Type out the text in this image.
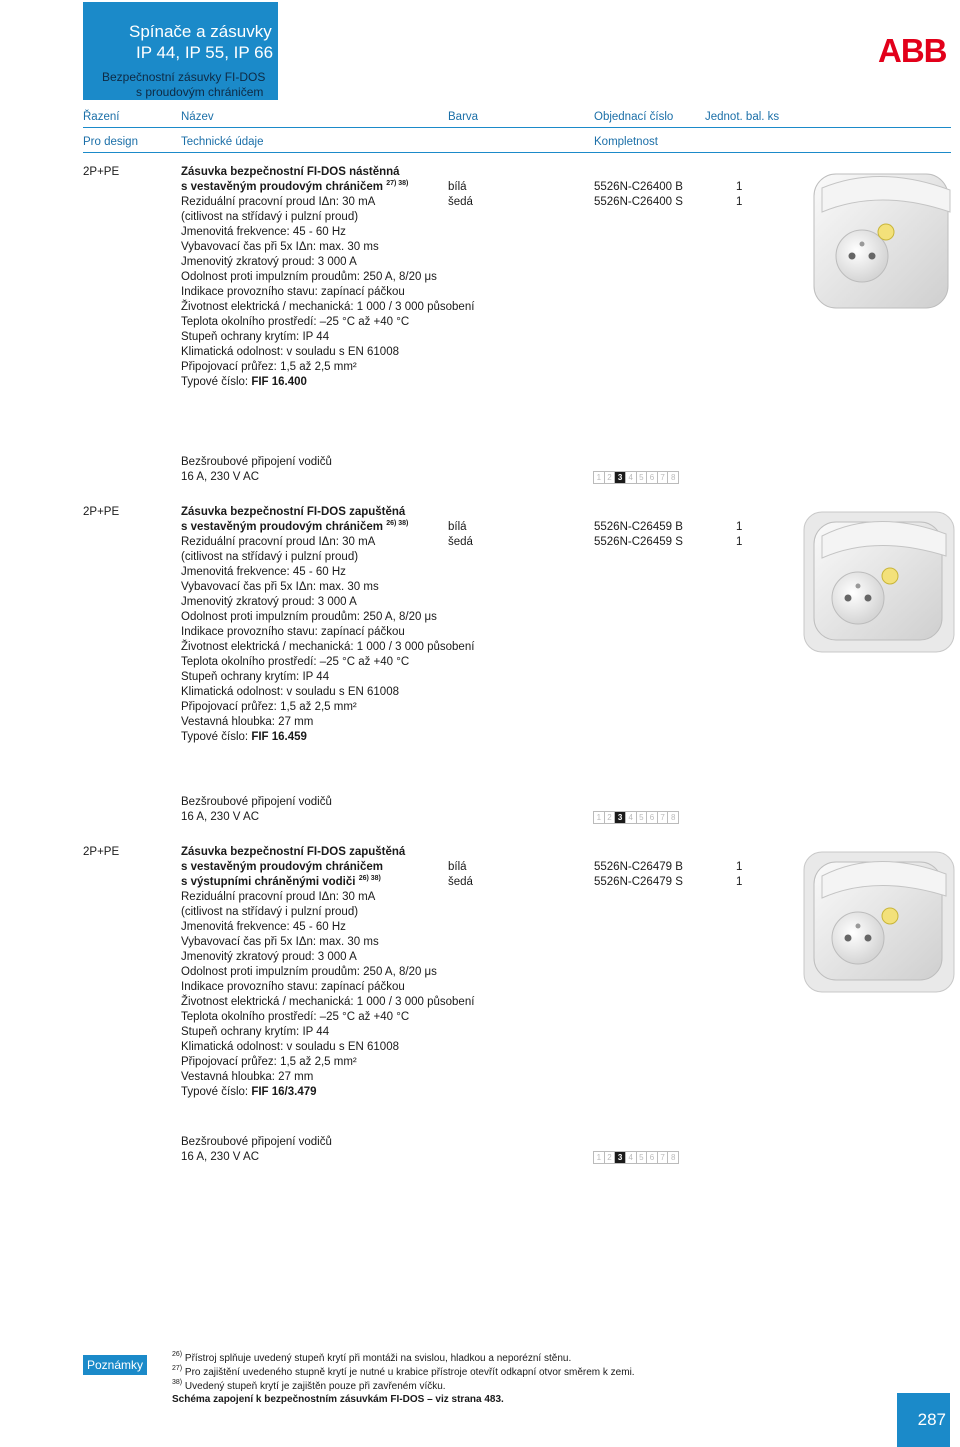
Spínače a zásuvky
IP 44, IP 55, IP 66
Bezpečnostní zásuvky FI-DOS
s proudovým chráničem
ABB
Řazení	Název	Barva	Objednací číslo	Jednot. bal. ks
Pro design	Technické údaje	Kompletnost
2P+PE	Zásuvka bezpečnostní FI-DOS nástěnná
s vestavěným proudovým chráničem $^{27) 38)}$	bílá	5526N-C26400 B	1
šedá	5526N-C26400 S	1
Reziduální pracovní proud IΔn: 30 mA
(citlivost na střídavý i pulzní proud)
Jmenovitá frekvence: 45 - 60 Hz
Vybavovací čas při 5x IΔn: max. 30 ms
Jmenovitý zkratový proud: 3 000 A
Odolnost proti impulzním proudům: 250 A, 8/20 μs
Indikace provozního stavu: zapínací páčkou
Životnost elektrická / mechanická: 1 000 / 3 000 působení
Teplota okolního prostředí: –25 °C až +40 °C
Stupeň ochrany krytím: IP 44
Klimatická odolnost: v souladu s EN 61008
Připojovací průřez: 1,5 až 2,5 mm²
Typové číslo: FIF 16.400
Bezšroubové připojení vodičů
16 A, 230 V AC	1 2 3 4 5 6 7 8
2P+PE	Zásuvka bezpečnostní FI-DOS zapuštěná
s vestavěným proudovým chráničem $^{26) 38)}$	bílá	5526N-C26459 B	1
šedá	5526N-C26459 S	1
Reziduální pracovní proud IΔn: 30 mA
(citlivost na střídavý i pulzní proud)
Jmenovitá frekvence: 45 - 60 Hz
Vybavovací čas při 5x IΔn: max. 30 ms
Jmenovitý zkratový proud: 3 000 A
Odolnost proti impulzním proudům: 250 A, 8/20 μs
Indikace provozního stavu: zapínací páčkou
Životnost elektrická / mechanická: 1 000 / 3 000 působení
Teplota okolního prostředí: –25 °C až +40 °C
Stupeň ochrany krytím: IP 44
Klimatická odolnost: v souladu s EN 61008
Připojovací průřez: 1,5 až 2,5 mm²
Vestavná hloubka: 27 mm
Typové číslo: FIF 16.459
Bezšroubové připojení vodičů
16 A, 230 V AC	1 2 3 4 5 6 7 8
2P+PE	Zásuvka bezpečnostní FI-DOS zapuštěná
s vestavěným proudovým chráničem
s výstupními chráněnými vodiči $^{26) 38)}$
bílá	5526N-C26479 B	1
šedá	5526N-C26479 S	1
Reziduální pracovní proud IΔn: 30 mA
(citlivost na střídavý i pulzní proud)
Jmenovitá frekvence: 45 - 60 Hz
Vybavovací čas při 5x IΔn: max. 30 ms
Jmenovitý zkratový proud: 3 000 A
Odolnost proti impulzním proudům: 250 A, 8/20 μs
Indikace provozního stavu: zapínací páčkou
Životnost elektrická / mechanická: 1 000 / 3 000 působení
Teplota okolního prostředí: –25 °C až +40 °C
Stupeň ochrany krytím: IP 44
Klimatická odolnost: v souladu s EN 61008
Připojovací průřez: 1,5 až 2,5 mm²
Vestavná hloubka: 27 mm
Typové číslo: FIF 16/3.479
Bezšroubové připojení vodičů
16 A, 230 V AC	1 2 3 4 5 6 7 8
Poznámky
$^{26)}$ Přístroj splňuje uvedený stupeň krytí při montáži na svislou, hladkou a neporézní stěnu.
$^{27)}$ Pro zajištění uvedeného stupně krytí je nutné u krabice přístroje otevřít odkapní otvor směrem k zemi.
$^{38)}$ Uvedený stupeň krytí je zajištěn pouze při zavřeném víčku.
Schéma zapojení k bezpečnostním zásuvkám FI-DOS – viz strana 483.
287
